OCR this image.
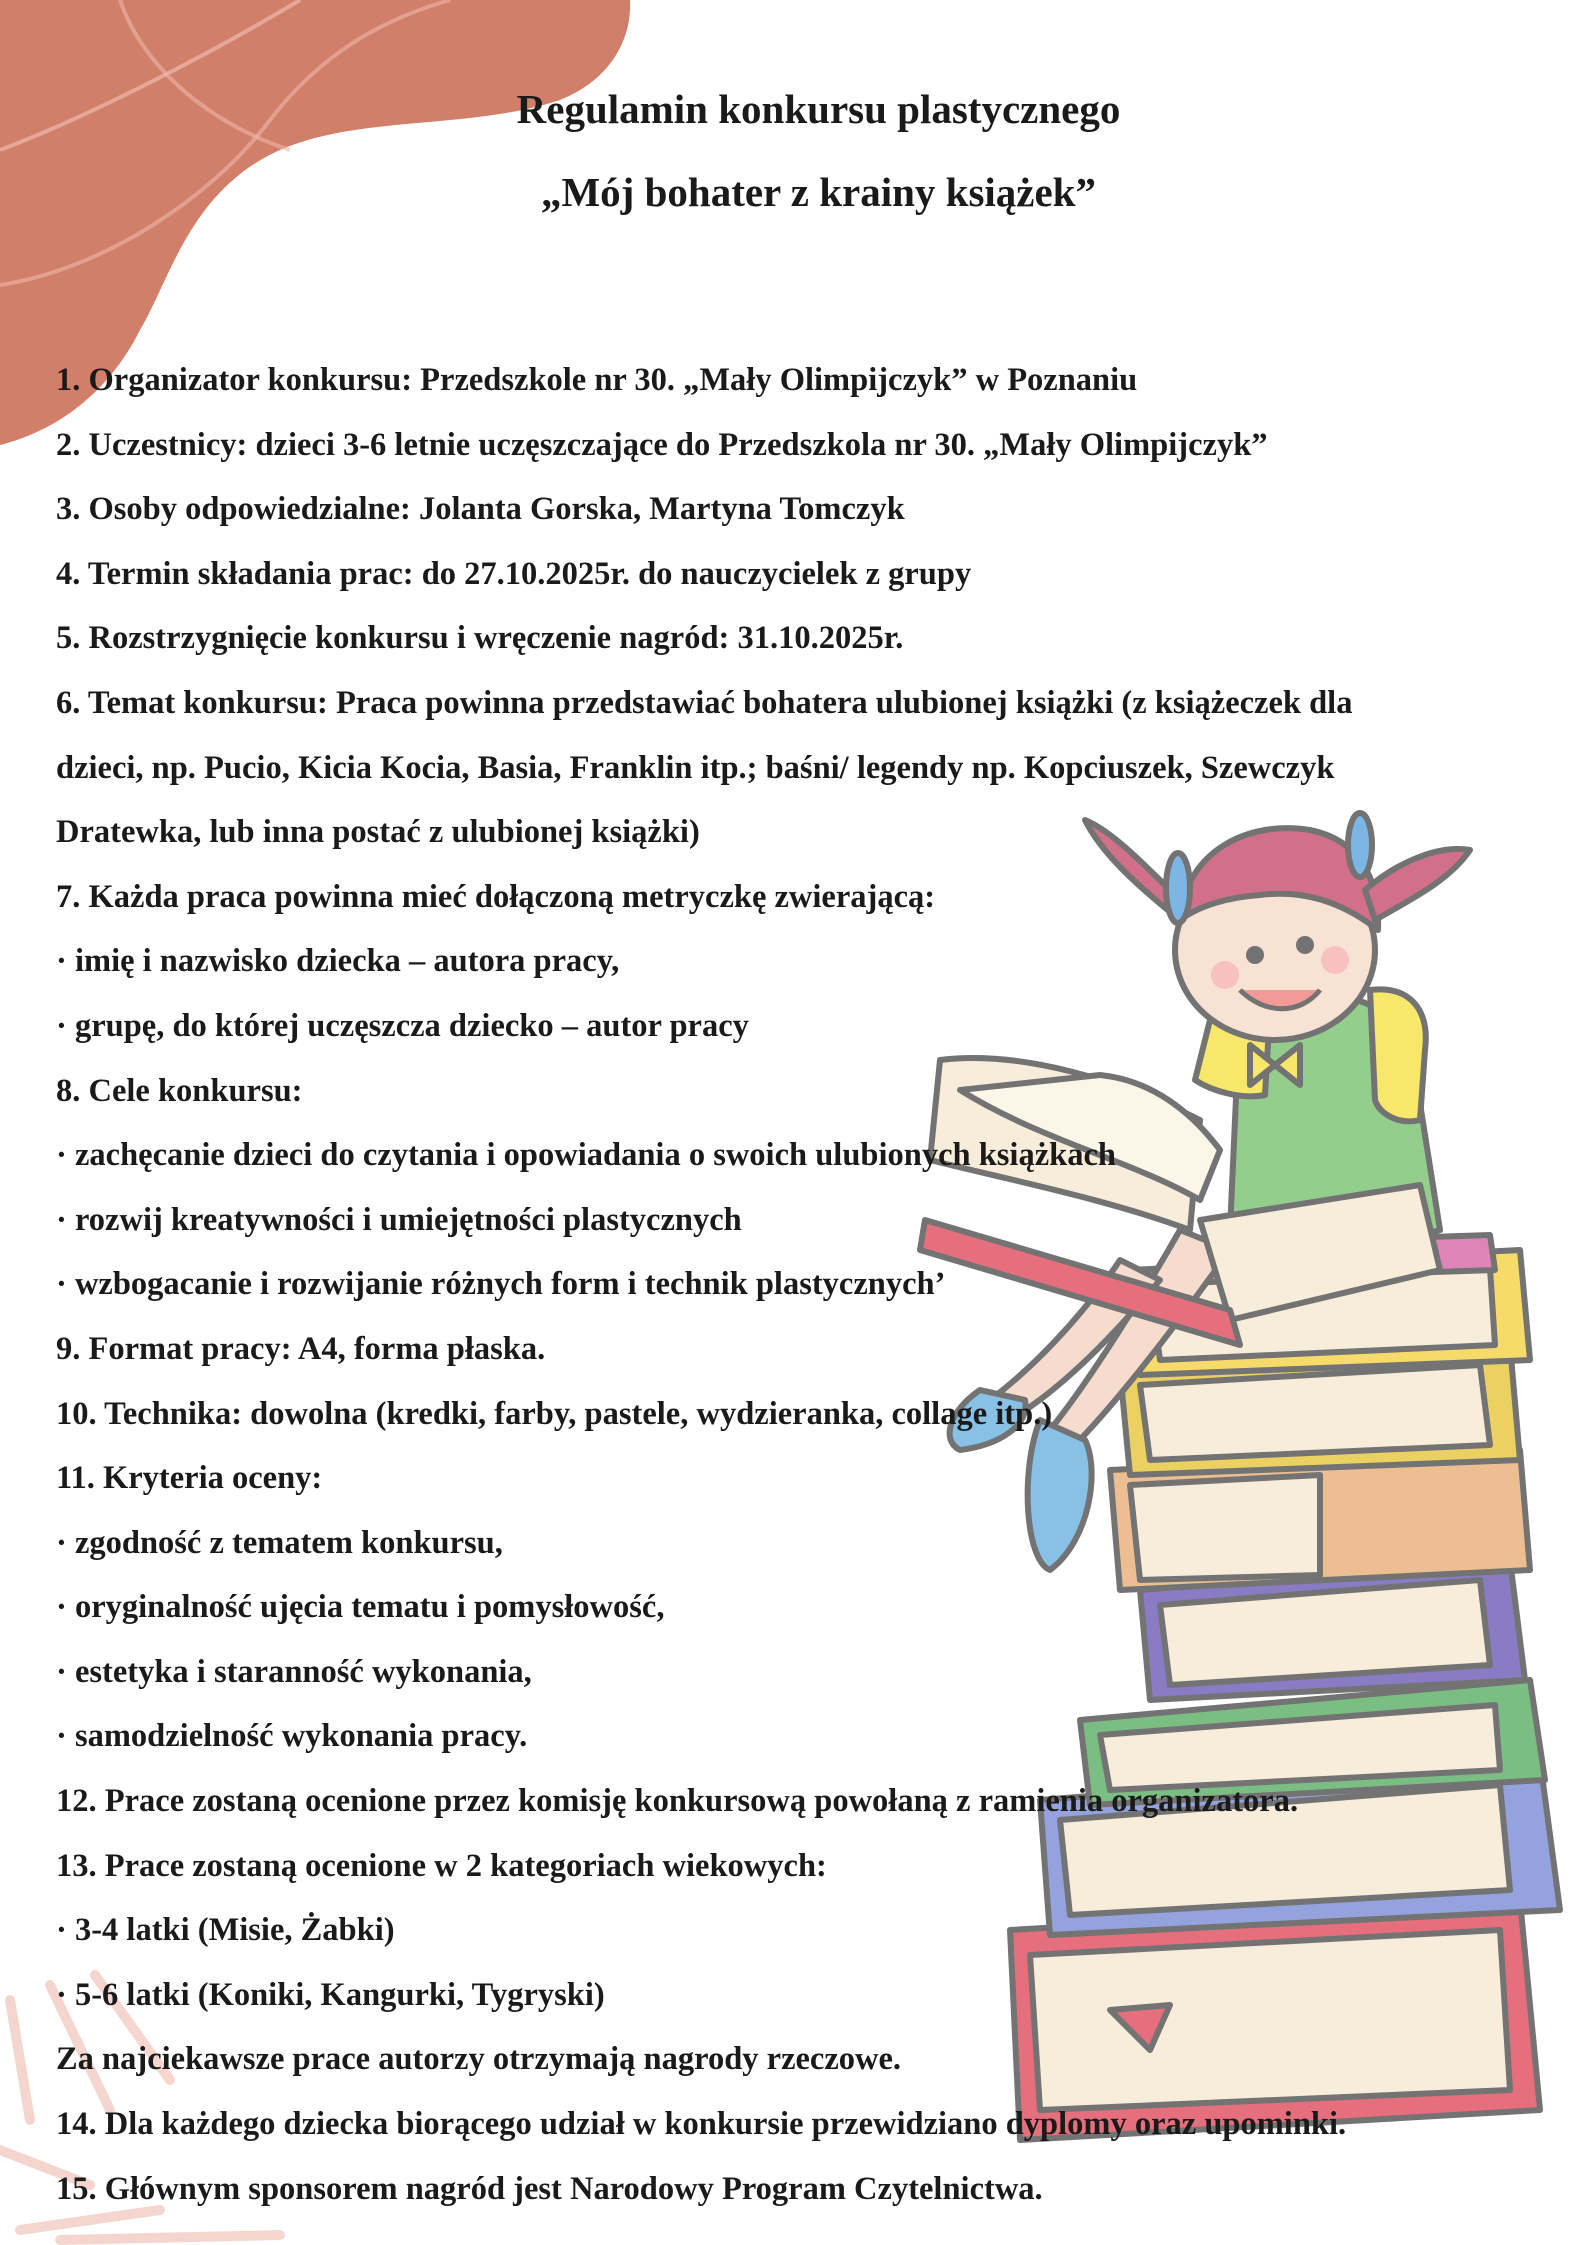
Regulamin konkursu plastycznego
„Mój bohater z krainy książek”
1. Organizator konkursu: Przedszkole nr 30. „Mały Olimpijczyk” w Poznaniu
2. Uczestnicy: dzieci 3-6 letnie uczęszczające do Przedszkola nr 30. „Mały Olimpijczyk”
3. Osoby odpowiedzialne: Jolanta Gorska, Martyna Tomczyk
4. Termin składania prac: do 27.10.2025r. do nauczycielek z grupy
5. Rozstrzygnięcie konkursu i wręczenie nagród: 31.10.2025r.
6. Temat konkursu: Praca powinna przedstawiać bohatera ulubionej książki (z książeczek dla
dzieci, np. Pucio, Kicia Kocia, Basia, Franklin itp.; baśni/ legendy np. Kopciuszek, Szewczyk
Dratewka, lub inna postać z ulubionej książki)
7. Każda praca powinna mieć dołączoną metryczkę zwierającą:
· imię i nazwisko dziecka – autora pracy,
· grupę, do której uczęszcza dziecko – autor pracy
8. Cele konkursu:
· zachęcanie dzieci do czytania i opowiadania o swoich ulubionych książkach
· rozwij kreatywności i umiejętności plastycznych
· wzbogacanie i rozwijanie różnych form i technik plastycznych’
9. Format pracy: A4, forma płaska.
10. Technika: dowolna (kredki, farby, pastele, wydzieranka, collage itp.)
11. Kryteria oceny:
· zgodność z tematem konkursu,
· oryginalność ujęcia tematu i pomysłowość,
· estetyka i staranność wykonania,
· samodzielność wykonania pracy.
12. Prace zostaną ocenione przez komisję konkursową powołaną z ramienia organizatora.
13. Prace zostaną ocenione w 2 kategoriach wiekowych:
· 3-4 latki (Misie, Żabki)
· 5-6 latki (Koniki, Kangurki, Tygryski)
Za najciekawsze prace autorzy otrzymają nagrody rzeczowe.
14. Dla każdego dziecka biorącego udział w konkursie przewidziano dyplomy oraz upominki.
15. Głównym sponsorem nagród jest Narodowy Program Czytelnictwa.
